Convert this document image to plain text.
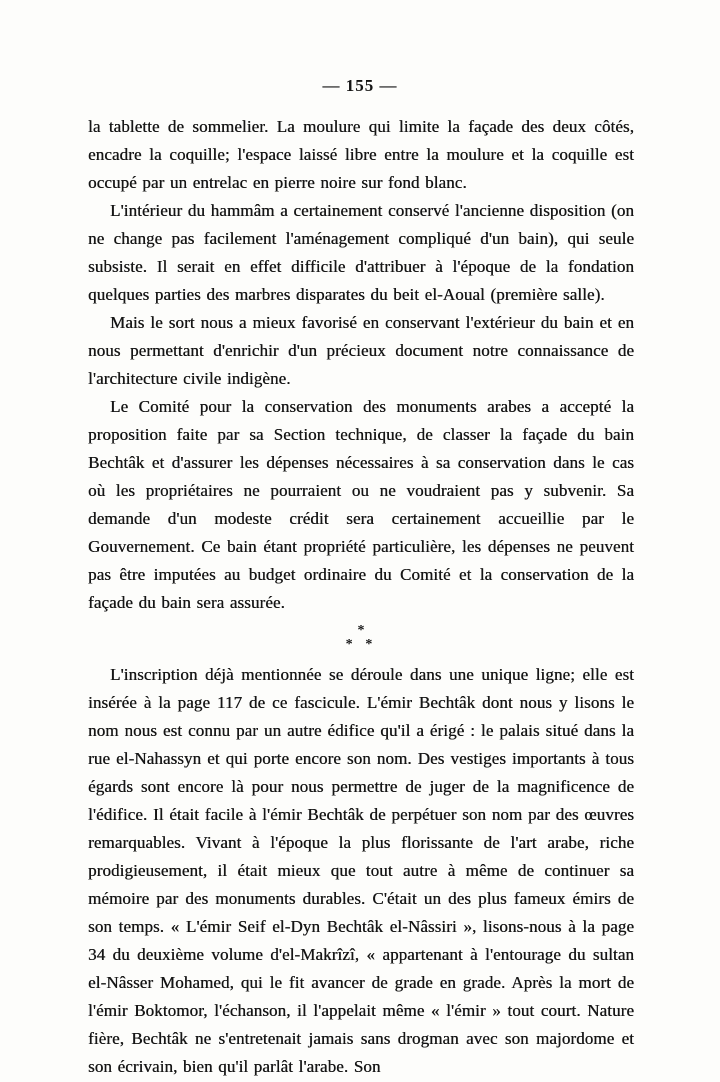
— 155 —

la tablette de sommelier. La moulure qui limite la façade des deux côtés, encadre la coquille; l'espace laissé libre entre la moulure et la coquille est occupé par un entrelac en pierre noire sur fond blanc.

L'intérieur du hammâm a certainement conservé l'ancienne disposition (on ne change pas facilement l'aménagement compliqué d'un bain), qui seule subsiste. Il serait en effet difficile d'attribuer à l'époque de la fondation quelques parties des marbres disparates du beit el-Aoual (première salle).

Mais le sort nous a mieux favorisé en conservant l'extérieur du bain et en nous permettant d'enrichir d'un précieux document notre connaissance de l'architecture civile indigène.

Le Comité pour la conservation des monuments arabes a accepté la proposition faite par sa Section technique, de classer la façade du bain Bechtâk et d'assurer les dépenses nécessaires à sa conservation dans le cas où les propriétaires ne pourraient ou ne voudraient pas y subvenir. Sa demande d'un modeste crédit sera certainement accueillie par le Gouvernement. Ce bain étant propriété particulière, les dépenses ne peuvent pas être imputées au budget ordinaire du Comité et la conservation de la façade du bain sera assurée.

*
* *

L'inscription déjà mentionnée se déroule dans une unique ligne; elle est insérée à la page 117 de ce fascicule. L'émir Bechtâk dont nous y lisons le nom nous est connu par un autre édifice qu'il a érigé : le palais situé dans la rue el-Nahassyn et qui porte encore son nom. Des vestiges importants à tous égards sont encore là pour nous permettre de juger de la magnificence de l'édifice. Il était facile à l'émir Bechtâk de perpétuer son nom par des œuvres remarquables. Vivant à l'époque la plus florissante de l'art arabe, riche prodigieusement, il était mieux que tout autre à même de continuer sa mémoire par des monuments durables. C'était un des plus fameux émirs de son temps. « L'émir Seif el-Dyn Bechtâk el-Nâssiri », lisons-nous à la page 34 du deuxième volume d'el-Makrîzî, « appartenant à l'entourage du sultan el-Nâsser Mohamed, qui le fit avancer de grade en grade. Après la mort de l'émir Boktomor, l'échanson, il l'appelait même « l'émir » tout court. Nature fière, Bechtâk ne s'entretenait jamais sans drogman avec son majordome et son écrivain, bien qu'il parlât l'arabe. Son
